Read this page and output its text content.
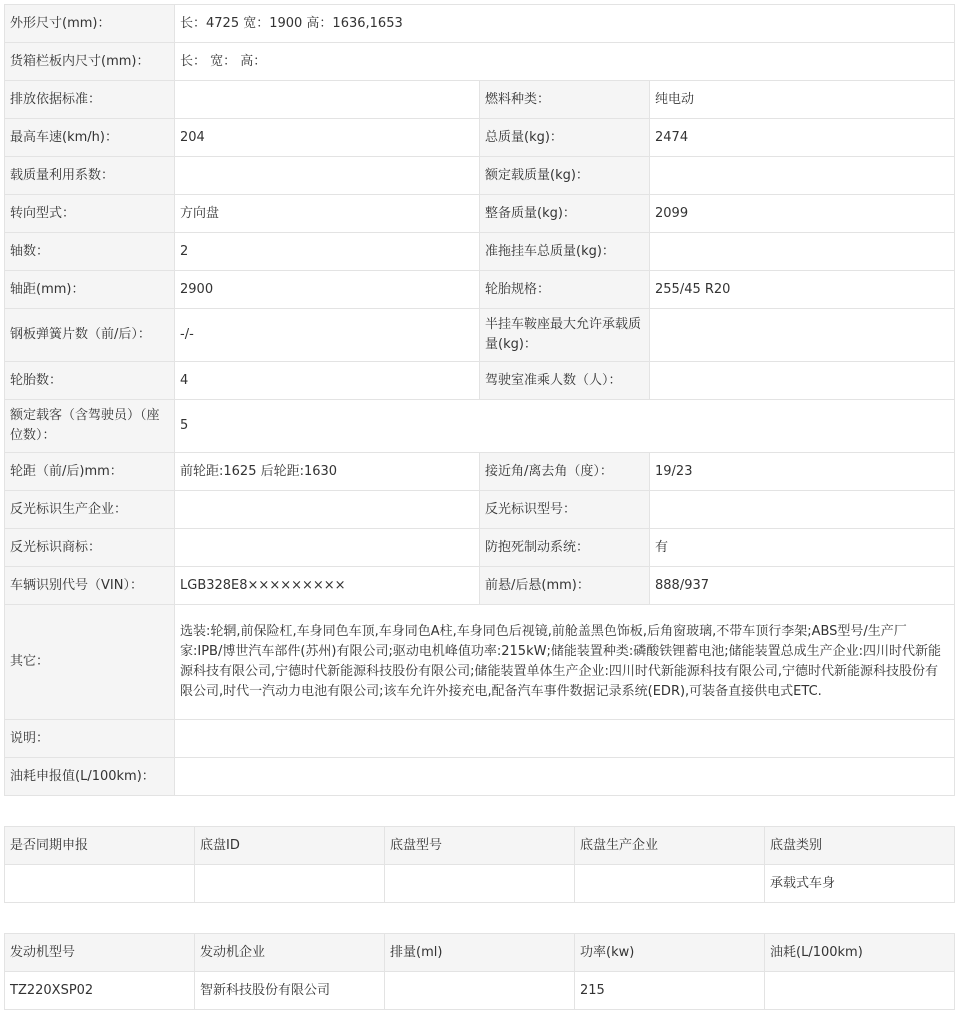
外形尺寸(mm)：	长：4725 宽：1900 高：1636,1653		
货箱栏板内尺寸(mm)：	长： 宽： 高：		
排放依据标准：		燃料种类：	纯电动
最高车速(km/h)：	204	总质量(kg)：	2474
载质量利用系数：		额定载质量(kg)：	
转向型式：	方向盘	整备质量(kg)：	2099
轴数：	2	准拖挂车总质量(kg)：	
轴距(mm)：	2900	轮胎规格：	255/45 R20
钢板弹簧片数（前/后）：	-/-	半挂车鞍座最大允许承载质量(kg)：	
轮胎数：	4	驾驶室准乘人数（人）：	
额定载客（含驾驶员）（座位数）：	5		
轮距（前/后)mm：	前轮距:1625 后轮距:1630	接近角/离去角（度）：	19/23
反光标识生产企业：		反光标识型号：	
反光标识商标：		防抱死制动系统：	有
车辆识别代号（VIN）：	LGB328E8×××××××××	前悬/后悬(mm)：	888/937
其它：	选装:轮辋,前保险杠,车身同色车顶,车身同色A柱,车身同色后视镜,前舱盖黑色饰板,后角窗玻璃,不带车顶行李架;ABS型号/生产厂家:IPB/博世汽车部件(苏州)有限公司;驱动电机峰值功率:215kW;储能装置种类:磷酸铁锂蓄电池;储能装置总成生产企业:四川时代新能源科技有限公司,宁德时代新能源科技股份有限公司;储能装置单体生产企业:四川时代新能源科技有限公司,宁德时代新能源科技股份有限公司,时代一汽动力电池有限公司;该车允许外接充电,配备汽车事件数据记录系统(EDR),可装备直接供电式ETC.		
说明：			
油耗申报值(L/100km)：			
是否同期申报	底盘ID	底盘型号	底盘生产企业	底盘类别
				承载式车身
发动机型号	发动机企业	排量(ml)	功率(kw)	油耗(L/100km)
TZ220XSP02	智新科技股份有限公司		215	
